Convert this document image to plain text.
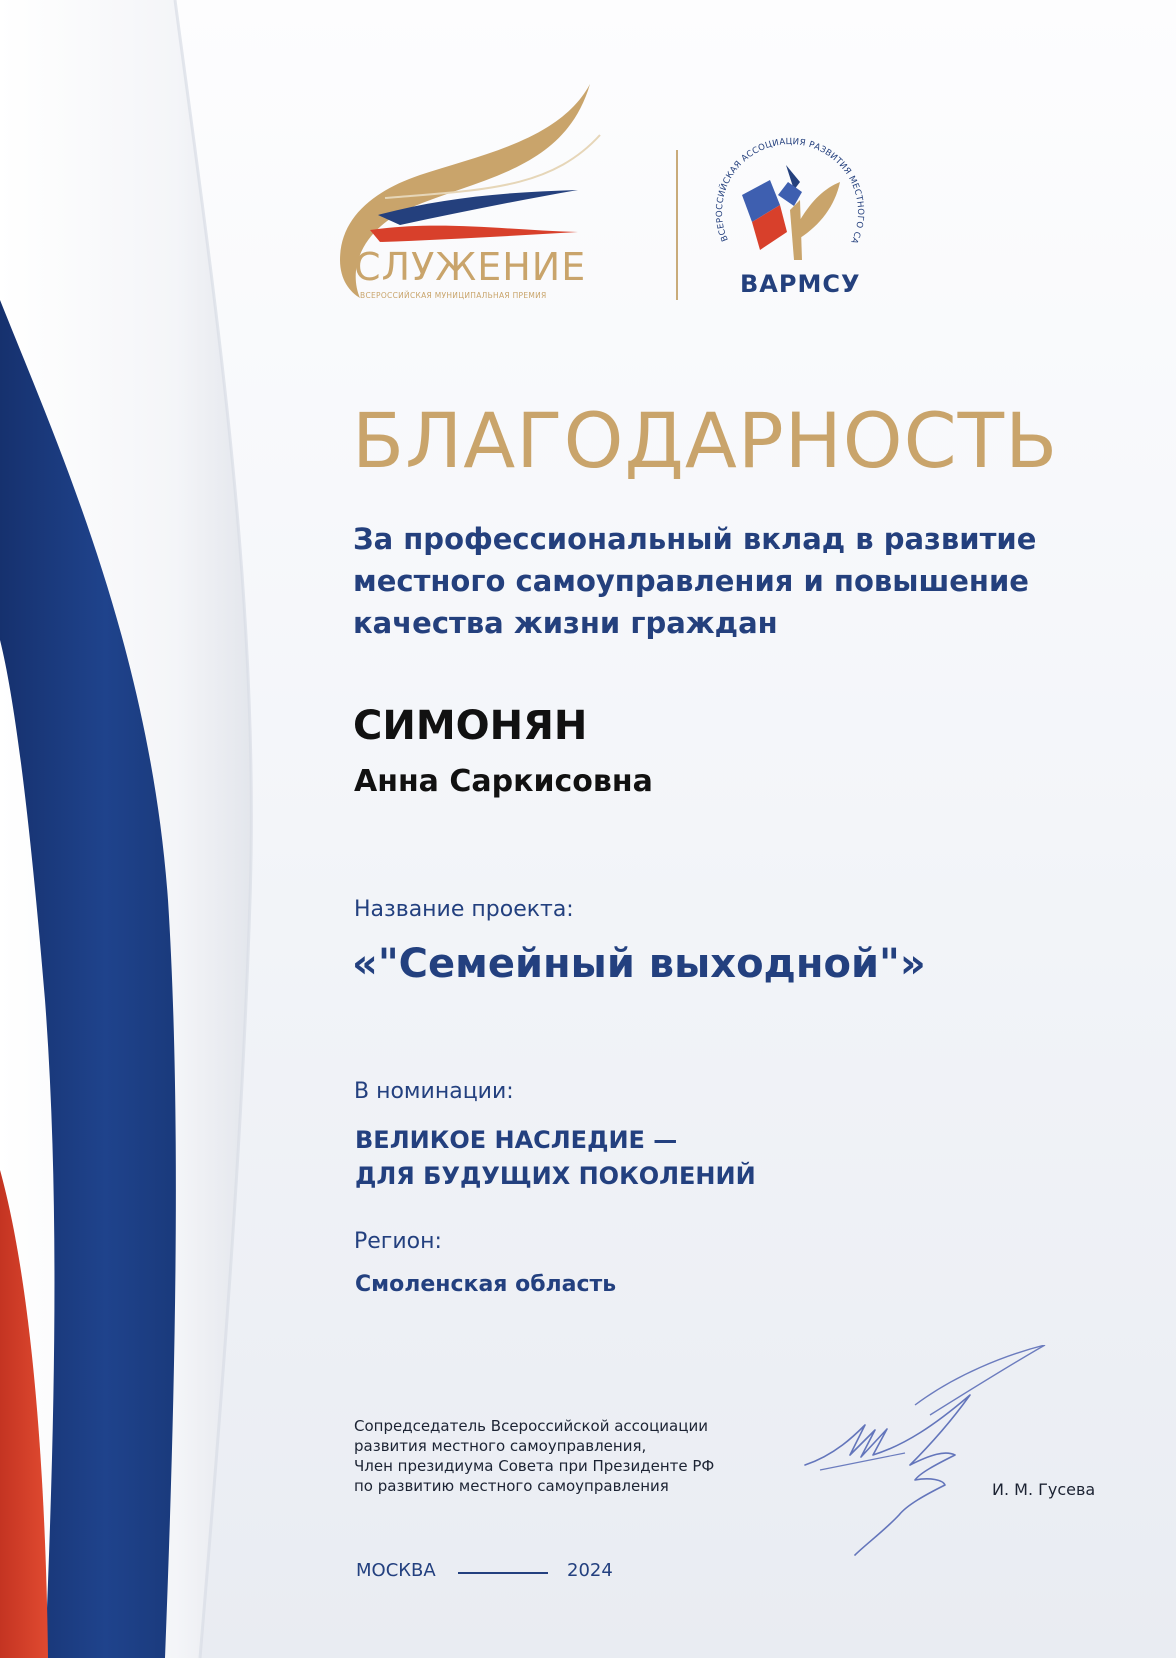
СЛУЖЕНИЕ
ВСЕРОССИЙСКАЯ МУНИЦИПАЛЬНАЯ ПРЕМИЯ
ВСЕРОССИЙСКАЯ АССОЦИАЦИЯ РАЗВИТИЯ МЕСТНОГО СА
ВАРМСУ
БЛАГОДАРНОСТЬ
За профессиональный вклад в развитие местного самоуправления и повышение качества жизни граждан
СИМОНЯН
Анна Саркисовна
Название проекта:
«"Семейный выходной"»
В номинации:
ВЕЛИКОЕ НАСЛЕДИЕ —
ДЛЯ БУДУЩИХ ПОКОЛЕНИЙ
Регион:
Смоленская область
Сопредседатель Всероссийской ассоциации
развития местного самоуправления,
Член президиума Совета при Президенте РФ
по развитию местного самоуправления	И. М. Гусева
МОСКВА	2024
